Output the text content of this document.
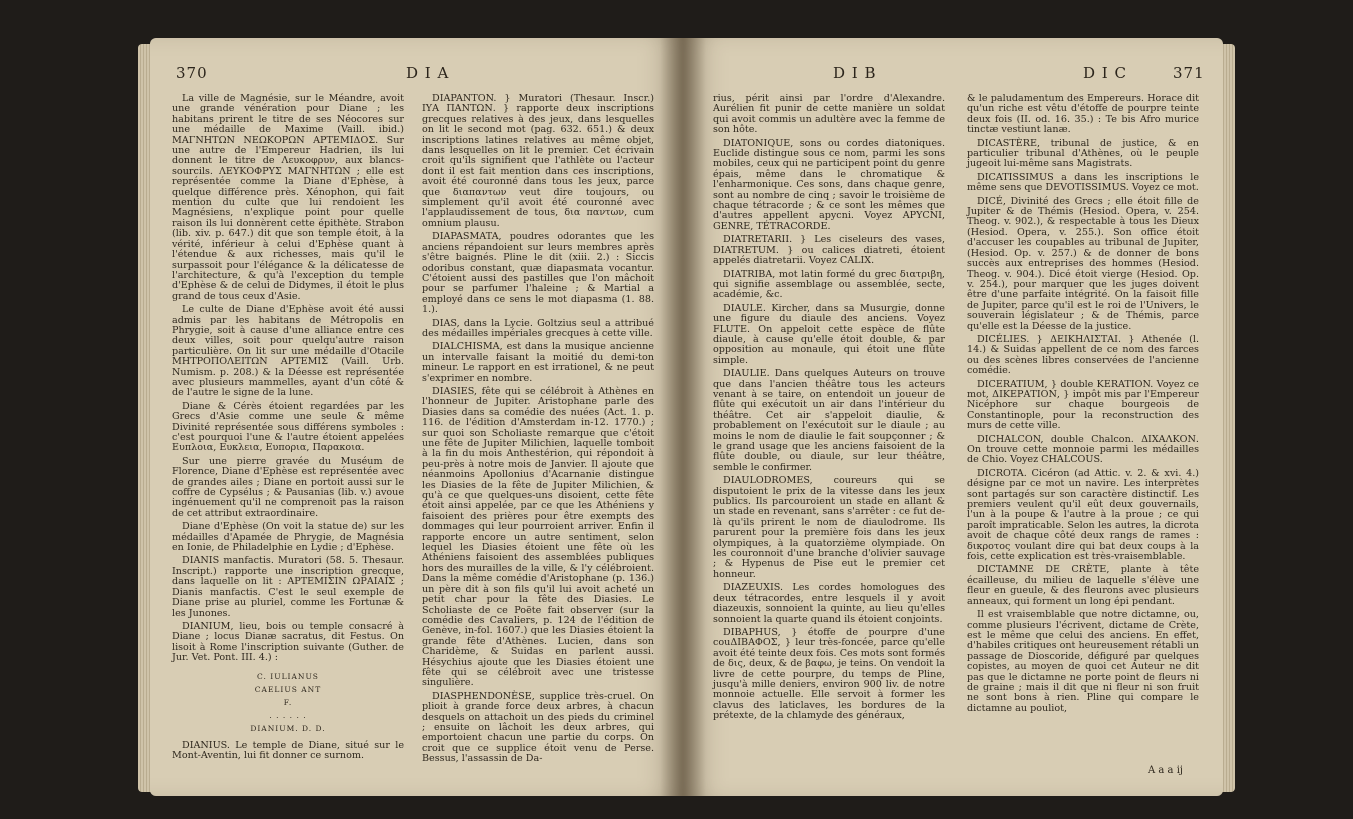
370	D I A

La ville de Magnésie, sur le Méandre, avoit une grande vénération pour Diane ; les habitans prirent le titre de ses Néocores sur une médaille de Maxime (Vaill. ibid.) ΜΑΓΝΗΤΩΝ ΝΕΩΚΟΡΩΝ ΑΡΤΕΜΙΔΟΣ. Sur une autre de l'Empereur Hadrien, ils lui donnent le titre de Λευκοφρυν, aux blancs-sourcils. ΛΕΥΚΟΦΡΥΣ ΜΑΓΝΗΤΩΝ ; elle est représentée comme la Diane d'Ephèse, à quelque différence près. Xénophon, qui fait mention du culte que lui rendoient les Magnésiens, n'explique point pour quelle raison ils lui donnèrent cette épithète. Strabon (lib. xiv. p. 647.) dit que son temple étoit, à la vérité, inférieur à celui d'Ephèse quant à l'étendue & aux richesses, mais qu'il le surpassoit pour l'élégance & la délicatesse de l'architecture, & qu'à l'exception du temple d'Ephèse & de celui de Didymes, il étoit le plus grand de tous ceux d'Asie.

Le culte de Diane d'Ephèse avoit été aussi admis par les habitans de Métropolis en Phrygie, soit à cause d'une alliance entre ces deux villes, soit pour quelqu'autre raison particulière. On lit sur une médaille d'Otacile ΜΗΤΡΟΠΟΛΕΙΤΩΝ ΑΡΤΕΜΙΣ (Vaill. Urb. Numism. p. 208.) & la Déesse est représentée avec plusieurs mammelles, ayant d'un côté & de l'autre le signe de la lune.

Diane & Cérès étoient regardées par les Grecs d'Asie comme une seule & même Divinité représentée sous différens symboles : c'est pourquoi l'une & l'autre étoient appelées Ευπλοια, Ευκλεια, Ευπορια, Παρακοια.

Sur une pierre gravée du Muséum de Florence, Diane d'Ephèse est représentée avec de grandes ailes ; Diane en portoit aussi sur le coffre de Cypsélus ; & Pausanias (lib. v.) avoue ingénuement qu'il ne comprenoit pas la raison de cet attribut extraordinaire.

Diane d'Ephèse (On voit la statue de) sur les médailles d'Apamée de Phrygie, de Magnésia en Ionie, de Philadelphie en Lydie ; d'Ephèse.

DIANIS manfactis. Muratori (58. 5. Thesaur. Inscript.) rapporte une inscription grecque, dans laquelle on lit : ΑΡΤΕΜΙΣΙΝ ΩΡΑΙΑΙΣ ; Dianis manfactis. C'est le seul exemple de Diane prise au pluriel, comme les Fortunæ & les Junones.

DIANIUM, lieu, bois ou temple consacré à Diane ; locus Dianæ sacratus, dit Festus. On lisoit à Rome l'inscription suivante (Guther. de Jur. Vet. Pont. III. 4.) :

C. IULIANUS
CAELIUS ANT
F.
. . . . . .
DIANIUM. D. D.

DIANIUS. Le temple de Diane, situé sur le Mont-Aventin, lui fit donner ce surnom.

DIAPANTON. } Muratori (Thesaur. Inscr.) ΙΥΑ ΠΑΝΤΩΝ. } rapporte deux inscriptions grecques relatives à des jeux, dans lesquelles on lit le second mot (pag. 632. 651.) & deux inscriptions latines relatives au même objet, dans lesquelles on lit le premier. Cet écrivain croit qu'ils signifient que l'athlète ou l'acteur dont il est fait mention dans ces inscriptions, avoit été couronné dans tous les jeux, parce que διαπαντων veut dire toujours, ou simplement qu'il avoit été couronné avec l'applaudissement de tous, δια παντων, cum omnium plausu.

DIAPASMATA, poudres odorantes que les anciens répandoient sur leurs membres après s'être baignés. Pline le dit (xiii. 2.) : Siccis odoribus constant, quæ diapasmata vocantur. C'étoient aussi des pastilles que l'on mâchoit pour se parfumer l'haleine ; & Martial a employé dans ce sens le mot diapasma (1. 88. 1.).

DIAS, dans la Lycie. Goltzius seul a attribué des médailles impériales grecques à cette ville.

DIALCHISMA, est dans la musique ancienne un intervalle faisant la moitié du demi-ton mineur. Le rapport en est irrationel, & ne peut s'exprimer en nombre.

DIASIES, fête qui se célébroit à Athènes en l'honneur de Jupiter. Aristophane parle des Diasies dans sa comédie des nuées (Act. 1. p. 116. de l'édition d'Amsterdam in-12. 1770.) ; sur quoi son Scholiaste remarque que c'étoit une fête de Jupiter Milichien, laquelle tomboit à la fin du mois Anthestérion, qui répondoit à peu-près à notre mois de Janvier. Il ajoute que néanmoins Apollonius d'Acarnanie distingue les Diasies de la fête de Jupiter Milichien, & qu'à ce que quelques-uns disoient, cette fête étoit ainsi appelée, par ce que les Athéniens y faisoient des prières pour être exempts des dommages qui leur pourroient arriver. Enfin il rapporte encore un autre sentiment, selon lequel les Diasies étoient une fête où les Athéniens faisoient des assemblées publiques hors des murailles de la ville, & l'y célébroient. Dans la même comédie d'Aristophane (p. 136.) un père dit à son fils qu'il lui avoit acheté un petit char pour la fête des Diasies. Le Scholiaste de ce Poëte fait observer (sur la comédie des Cavaliers, p. 124 de l'édition de Genève, in-fol. 1607.) que les Diasies étoient la grande fête d'Athènes. Lucien, dans son Charidème, & Suidas en parlent aussi. Hésychius ajoute que les Diasies étoient une fête qui se célébroit avec une tristesse singulière.

DIASPHENDONÈSE, supplice très-cruel. On plioit à grande force deux arbres, à chacun desquels on attachoit un des pieds du criminel ; ensuite on lâchoit les deux arbres, qui emportoient chacun une partie du corps. On croit que ce supplice étoit venu de Perse. Bessus, l'assassin de Da-

D I B	D I C	371

rius, périt ainsi par l'ordre d'Alexandre. Aurélien fit punir de cette manière un soldat qui avoit commis un adultère avec la femme de son hôte.

DIATONIQUE, sons ou cordes diatoniques. Euclide distingue sous ce nom, parmi les sons mobiles, ceux qui ne participent point du genre épais, même dans le chromatique & l'enharmonique. Ces sons, dans chaque genre, sont au nombre de cinq ; savoir le troisième de chaque tétracorde ; & ce sont les mêmes que d'autres appellent apycni. Voyez ΑΡΥCNI, GENRE, TÉTRACORDE.

DIATRETARII. } Les ciseleurs des vases, DIATRETUM. } ou calices diatreti, étoient appelés diatretarii. Voyez CALIX.

DIATRIBA, mot latin formé du grec διατριβη, qui signifie assemblage ou assemblée, secte, académie, &c.

DIAULE. Kircher, dans sa Musurgie, donne une figure du diaule des anciens. Voyez FLUTE. On appeloit cette espèce de flûte diaule, à cause qu'elle étoit double, & par opposition au monaule, qui étoit une flûte simple.

DIAULIE. Dans quelques Auteurs on trouve que dans l'ancien théâtre tous les acteurs venant à se taire, on entendoit un joueur de flûte qui exécutoit un air dans l'intérieur du théâtre. Cet air s'appeloit diaulie, & probablement on l'exécutoit sur le diaule ; au moins le nom de diaulie le fait soupçonner ; & le grand usage que les anciens faisoient de la flûte double, ou diaule, sur leur théâtre, semble le confirmer.

DIAULODROMES, coureurs qui se disputoient le prix de la vitesse dans les jeux publics. Ils parcouroient un stade en allant & un stade en revenant, sans s'arrêter : ce fut de-là qu'ils prirent le nom de diaulodrome. Ils parurent pour la première fois dans les jeux olympiques, à la quatorzième olympiade. On les couronnoit d'une branche d'olivier sauvage ; & Hypenus de Pise eut le premier cet honneur.

DIAZEUXIS. Les cordes homologues des deux tétracordes, entre lesquels il y avoit diazeuxis, sonnoient la quinte, au lieu qu'elles sonnoient la quarte quand ils étoient conjoints.

DIBAPHUS, } étoffe de pourpre d'une couΔΙΒΑΦΟΣ, } leur très-foncée, parce qu'elle avoit été teinte deux fois. Ces mots sont formés de δις, deux, & de βαφω, je teins. On vendoit la livre de cette pourpre, du temps de Pline, jusqu'à mille deniers, environ 900 liv. de notre monnoie actuelle. Elle servoit à former les clavus des laticlaves, les bordures de la prétexte, de la chlamyde des généraux,

& le paludamentum des Empereurs. Horace dit qu'un riche est vêtu d'étoffe de pourpre teinte deux fois (II. od. 16. 35.) : Te bis Afro murice tinctæ vestiunt lanæ.

DICASTÈRE, tribunal de justice, & en particulier tribunal d'Athènes, où le peuple jugeoit lui-même sans Magistrats.

DICATISSIMUS a dans les inscriptions le même sens que DEVOTISSIMUS. Voyez ce mot.

DICÉ, Divinité des Grecs ; elle étoit fille de Jupiter & de Thémis (Hesiod. Opera, v. 254. Theog. v. 902.), & respectable à tous les Dieux (Hesiod. Opera, v. 255.). Son office étoit d'accuser les coupables au tribunal de Jupiter, (Hesiod. Op. v. 257.) & de donner de bons succès aux entreprises des hommes (Hesiod. Theog. v. 904.). Dicé étoit vierge (Hesiod. Op. v. 254.), pour marquer que les juges doivent être d'une parfaite intégrité. On la faisoit fille de Jupiter, parce qu'il est le roi de l'Univers, le souverain législateur ; & de Thémis, parce qu'elle est la Déesse de la justice.

DICÉLIES. } ΔΕΙΚΗΛΙΣΤΑΙ. } Athenée (l. 14.) & Suidas appellent de ce nom des farces ou des scènes libres conservées de l'ancienne comédie.

DICERATIUM, } double KERATION. Voyez ce mot, ΔΙΚΕΡΑΤΙΟΝ, } impôt mis par l'Empereur Nicéphore sur chaque bourgeois de Constantinople, pour la reconstruction des murs de cette ville.

DICHALCON, double Chalcon. ΔΙΧΑΛΚΟΝ. On trouve cette monnoie parmi les médailles de Chio. Voyez CHALCOUS.

DICROTA. Cicéron (ad Attic. v. 2. & xvi. 4.) désigne par ce mot un navire. Les interprètes sont partagés sur son caractère distinctif. Les premiers veulent qu'il eût deux gouvernails, l'un à la poupe & l'autre à la proue ; ce qui paroît impraticable. Selon les autres, la dicrota avoit de chaque côté deux rangs de rames : δικροτος voulant dire qui bat deux coups à la fois, cette explication est très-vraisemblable.

DICTAMNE DE CRÈTE, plante à tête écailleuse, du milieu de laquelle s'élève une fleur en gueule, & des fleurons avec plusieurs anneaux, qui forment un long épi pendant.

Il est vraisemblable que notre dictamne, ou, comme plusieurs l'écrivent, dictame de Crète, est le même que celui des anciens. En effet, d'habiles critiques ont heureusement rétabli un passage de Dioscoride, défiguré par quelques copistes, au moyen de quoi cet Auteur ne dit pas que le dictamne ne porte point de fleurs ni de graine ; mais il dit que ni fleur ni son fruit ne sont bons à rien. Pline qui compare le dictamne au pouliot,

A a a ij
